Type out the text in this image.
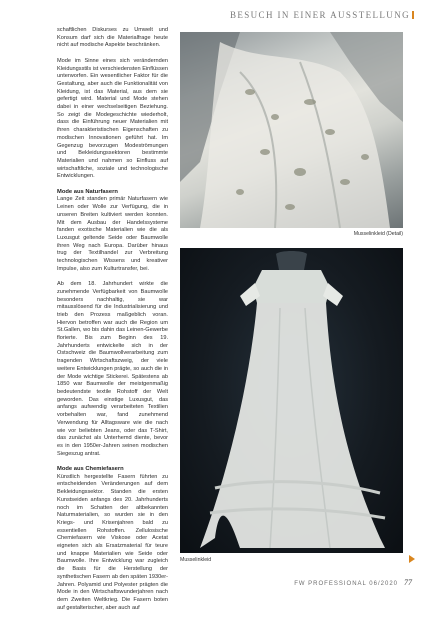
BESUCH IN EINER AUSSTELLUNG

schaftlichen Diskurses zu Umwelt und Konsum darf sich die Materialfrage heute nicht auf modische Aspekte beschränken.

Mode im Sinne eines sich verändernden Kleidungsstils ist verschiedensten Einflüssen unterworfen. Ein wesentlicher Faktor für die Gestaltung, aber auch die Funktionalität von Kleidung, ist das Material, aus dem sie gefertigt wird. Material und Mode stehen dabei in einer wechselseitigen Beziehung. So zeigt die Modegeschichte wiederholt, dass die Einführung neuer Materialien mit ihren charakteristischen Eigenschaften zu modischen Innovationen geführt hat. Im Gegenzug bevorzugen Modeströmungen und Bekleidungssektoren bestimmte Materialien und nahmen so Einfluss auf wirtschaftliche, soziale und technologische Entwicklungen.

Mode aus Naturfasern

Lange Zeit standen primär Naturfasern wie Leinen oder Wolle zur Verfügung, die in unseren Breiten kultiviert werden konnten. Mit dem Ausbau der Handelssysteme fanden exotische Materialien wie die als Luxusgut geltende Seide oder Baumwolle ihren Weg nach Europa. Darüber hinaus trug der Textilhandel zur Verbreitung technologischen Wissens und kreativer Impulse, also zum Kulturtransfer, bei.

Ab dem 18. Jahrhundert wirkte die zunehmende Verfügbarkeit von Baumwolle besonders nachhaltig, sie war mitausslösend für die Industrialisierung und trieb den Prozess maßgeblich voran. Hiervon betroffen war auch die Region um St.Gallen, wo bis dahin das Leinen-Gewerbe florierte. Bis zum Beginn des 19. Jahrhunderts entwickelte sich in der Ostschweiz die Baumwollverarbeitung zum tragenden Wirtschaftszweig, der viele weitere Entwicklungen prägte, so auch die in der Mode wichtige Stickerei. Spätestens ab 1850 war Baumwolle der meistgenmaßig bedeutendste textile Rohstoff der Welt geworden. Das einstige Luxusgut, das anfangs aufwendig verarbeiteten Textilien vorbehalten war, fand zunehmend Verwendung für Alltagsware wie die nach wie vor beliebten Jeans, oder das T-Shirt, das zunächst als Unterhemd diente, bevor es in den 1950er-Jahren seinen modischen Siegeszug antrat.

Mode aus Chemiefasern

Künstlich hergestellte Fasern führten zu entscheidenden Veränderungen auf dem Bekleidungssektor. Standen die ersten Kunstseiden anfangs des 20. Jahrhunderts noch im Schatten der altbekannten Naturmaterialien, so wurden sie in den Kriegs- und Krisenjahren bald zu essentiellen Rohstoffen. Zellulosische Chemiefasern wie Viskose oder Acetat eigneten sich als Ersatzmaterial für teure und knappe Materialien wie Seide oder Baumwolle. Ihre Entwicklung war zugleich die Basis für die Herstellung der synthetischen Fasern ab den späten 1930er-Jahren. Polyamid und Polyester prägten die Mode in den Wirtschaftswunderjahren nach dem Zweiten Weltkrieg. Die Fasern boten auf gestalterischer, aber auch auf

Musselinkleid (Detail)
Musselinkleid
FW PROFESSIONAL 06/2020 77
